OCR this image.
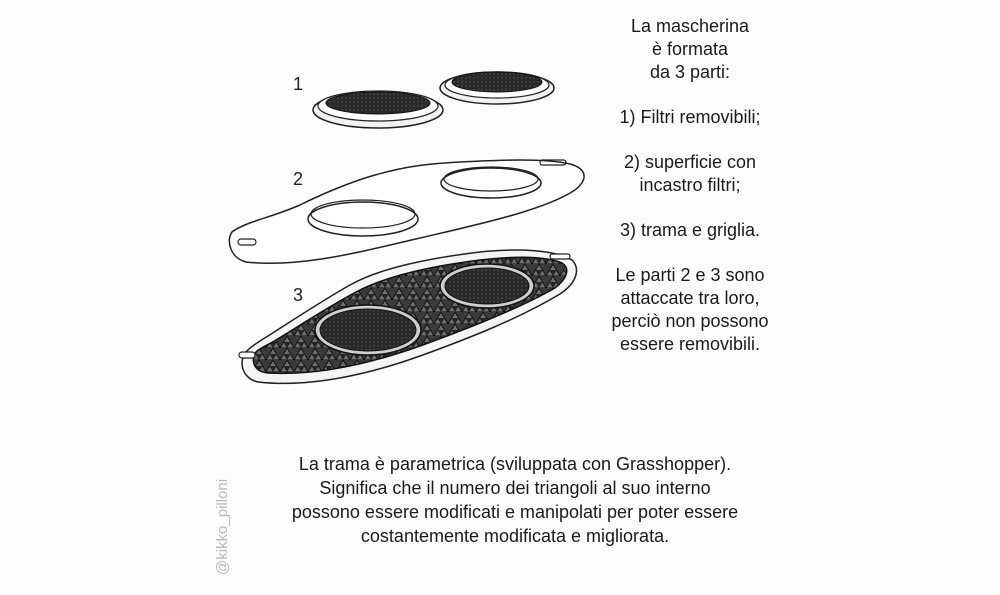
1
2
3

La mascherina

è formata

da 3 parti:

1) Filtri removibili;

2) superficie con

incastro filtri;

3) trama e griglia.

Le parti 2 e 3 sono

attaccate tra loro,

perciò non possono

essere removibili.

La trama è parametrica (sviluppata con Grasshopper).

Significa che il numero dei triangoli al suo interno

possono essere modificati e manipolati per poter essere

costantemente modificata e migliorata.

@kikko_pilloni
